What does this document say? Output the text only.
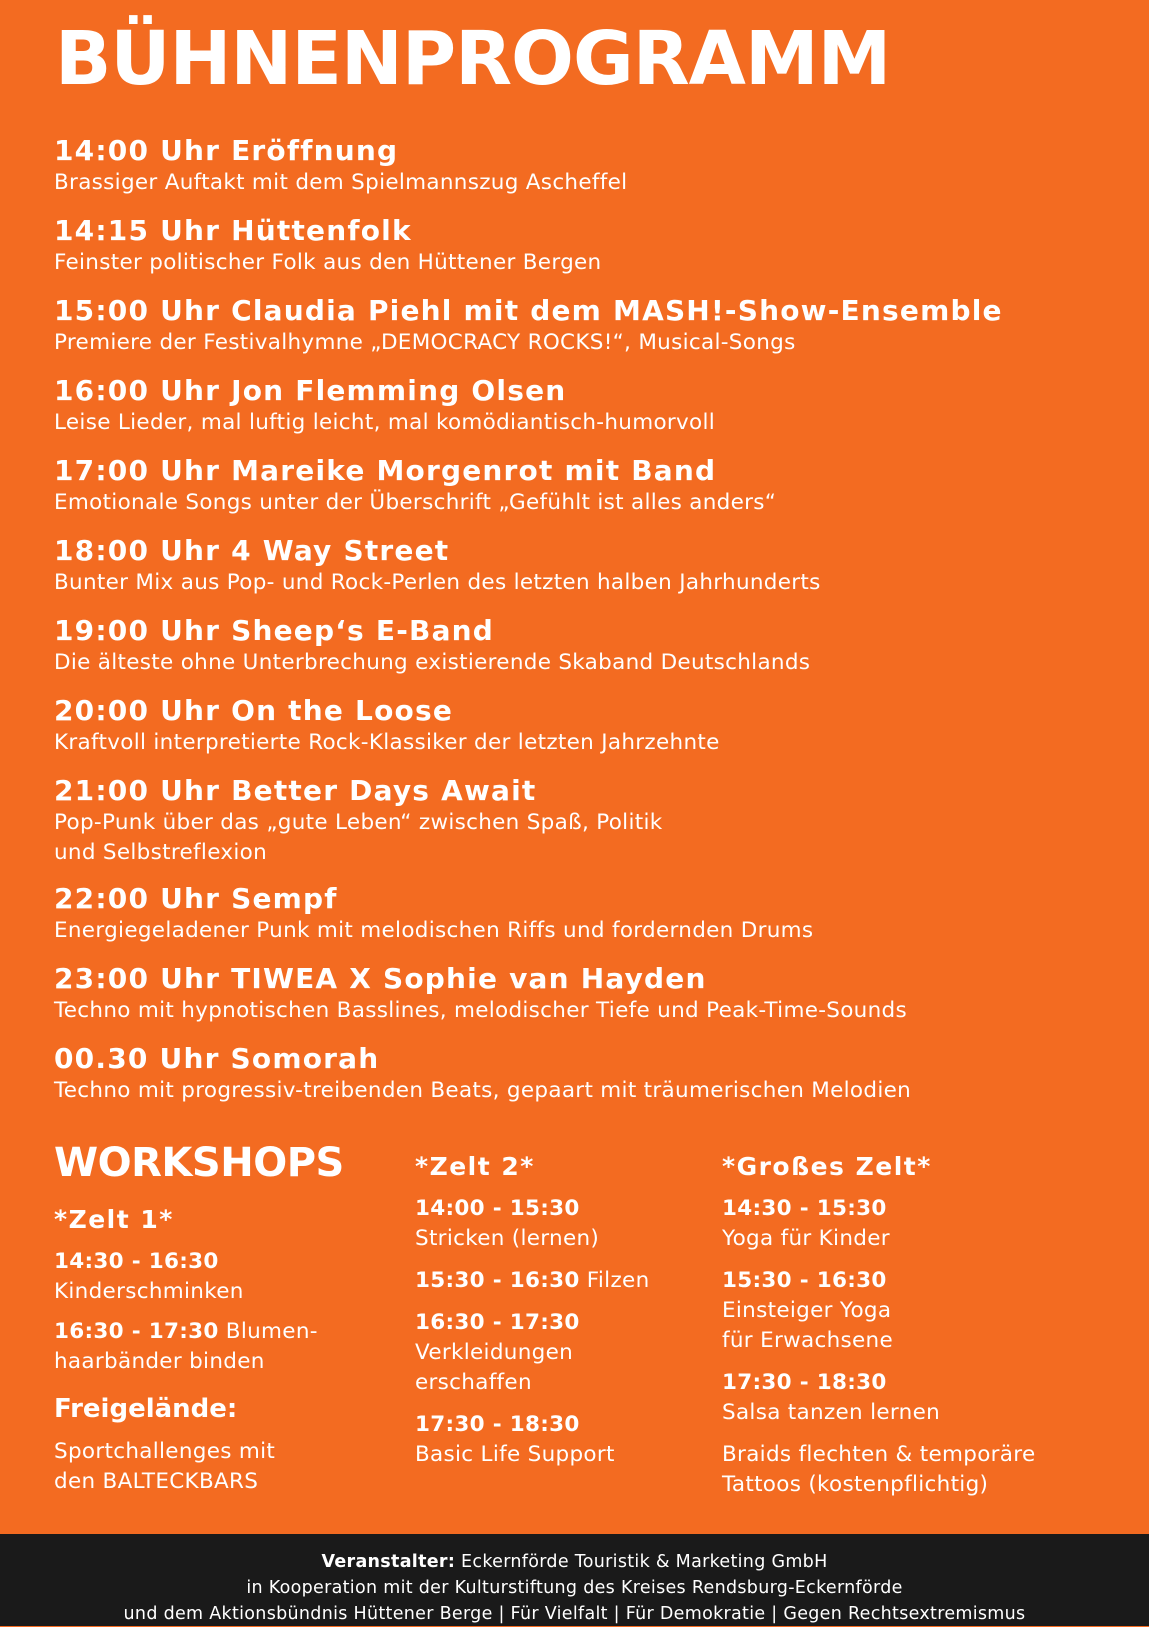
BÜHNENPROGRAMM
14:00 Uhr Eröffnung
Brassiger Auftakt mit dem Spielmannszug Ascheffel
14:15 Uhr Hüttenfolk
Feinster politischer Folk aus den Hüttener Bergen
15:00 Uhr Claudia Piehl mit dem MASH!-Show-Ensemble
Premiere der Festivalhymne „DEMOCRACY ROCKS!“, Musical-Songs
16:00 Uhr Jon Flemming Olsen
Leise Lieder, mal luftig leicht, mal komödiantisch-humorvoll
17:00 Uhr Mareike Morgenrot mit Band
Emotionale Songs unter der Überschrift „Gefühlt ist alles anders“
18:00 Uhr 4 Way Street
Bunter Mix aus Pop- und Rock-Perlen des letzten halben Jahrhunderts
19:00 Uhr Sheep‘s E-Band
Die älteste ohne Unterbrechung existierende Skaband Deutschlands
20:00 Uhr On the Loose
Kraftvoll interpretierte Rock-Klassiker der letzten Jahrzehnte
21:00 Uhr Better Days Await
Pop-Punk über das „gute Leben“ zwischen Spaß, Politik
und Selbstreflexion
22:00 Uhr Sempf
Energiegeladener Punk mit melodischen Riffs und fordernden Drums
23:00 Uhr TIWEA X Sophie van Hayden
Techno mit hypnotischen Basslines, melodischer Tiefe und Peak-Time-Sounds
00.30 Uhr Somorah
Techno mit progressiv-treibenden Beats, gepaart mit träumerischen Melodien
WORKSHOPS
*Zelt 1*
14:30 - 16:30
Kinderschminken
16:30 - 17:30 Blumen-
haarbänder binden
Freigelände:
Sportchallenges mit
den BALTECKBARS
*Zelt 2*
14:00 - 15:30
Stricken (lernen)
15:30 - 16:30 Filzen
16:30 - 17:30
Verkleidungen
erschaffen
17:30 - 18:30
Basic Life Support
*Großes Zelt*
14:30 - 15:30
Yoga für Kinder
15:30 - 16:30
Einsteiger Yoga
für Erwachsene
17:30 - 18:30
Salsa tanzen lernen
Braids flechten & temporäre
Tattoos (kostenpflichtig)
Veranstalter: Eckernförde Touristik & Marketing GmbH
in Kooperation mit der Kulturstiftung des Kreises Rendsburg-Eckernförde
und dem Aktionsbündnis Hüttener Berge | Für Vielfalt | Für Demokratie | Gegen Rechtsextremismus
